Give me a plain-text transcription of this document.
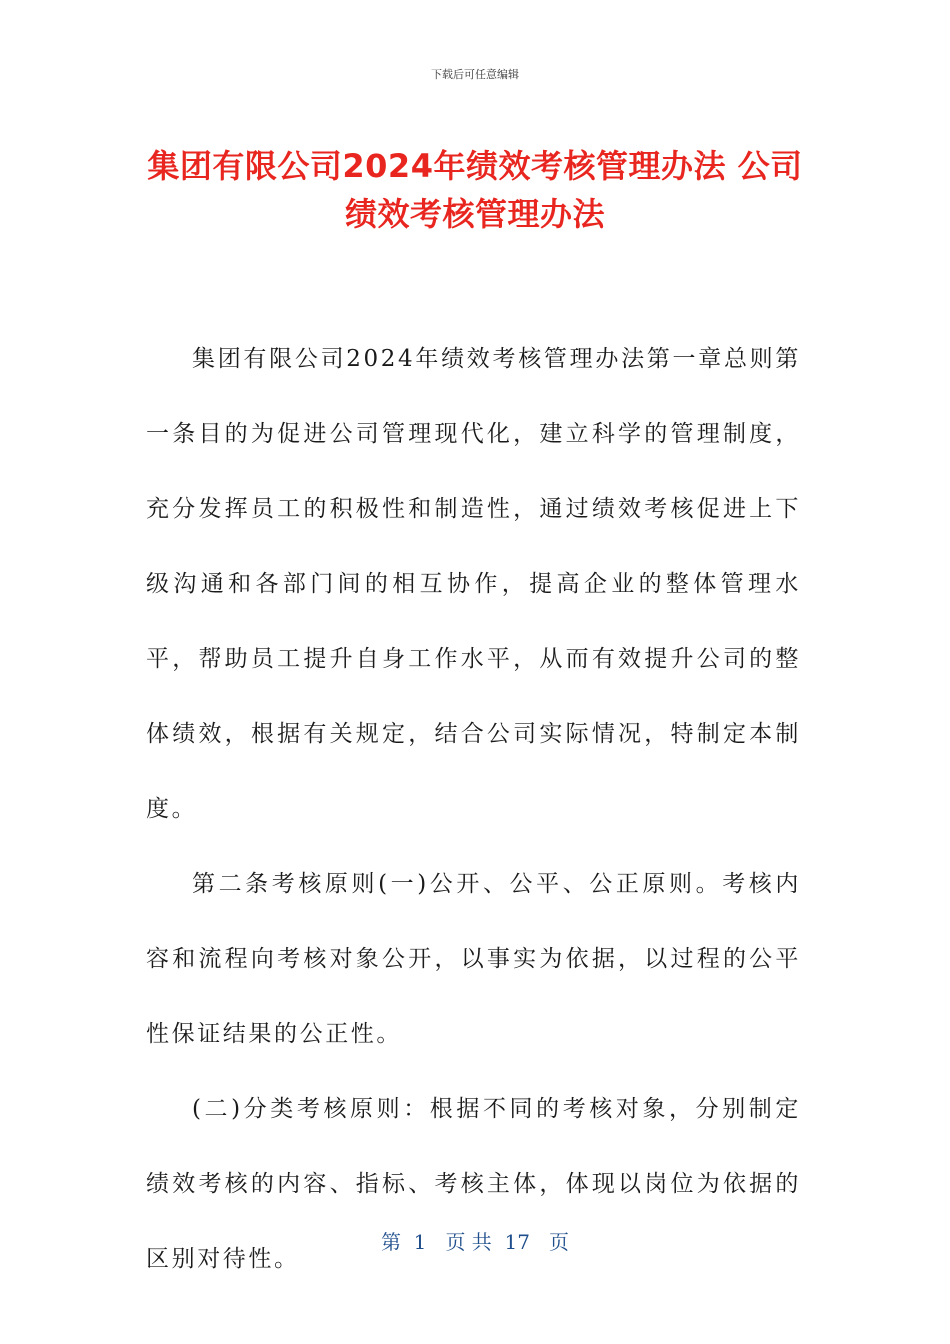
下载后可任意编辑
集团有限公司2024年绩效考核管理办法 公司绩效考核管理办法

集团有限公司2024年绩效考核管理办法第一章总则第一条目的为促进公司管理现代化，建立科学的管理制度，充分发挥员工的积极性和制造性，通过绩效考核促进上下级沟通和各部门间的相互协作，提高企业的整体管理水平，帮助员工提升自身工作水平，从而有效提升公司的整体绩效，根据有关规定，结合公司实际情况，特制定本制度。

第二条考核原则(一)公开、公平、公正原则。考核内容和流程向考核对象公开，以事实为依据，以过程的公平性保证结果的公正性。

(二)分类考核原则：根据不同的考核对象，分别制定绩效考核的内容、指标、考核主体，体现以岗位为依据的区别对待性。

第  1   页 共  17   页
